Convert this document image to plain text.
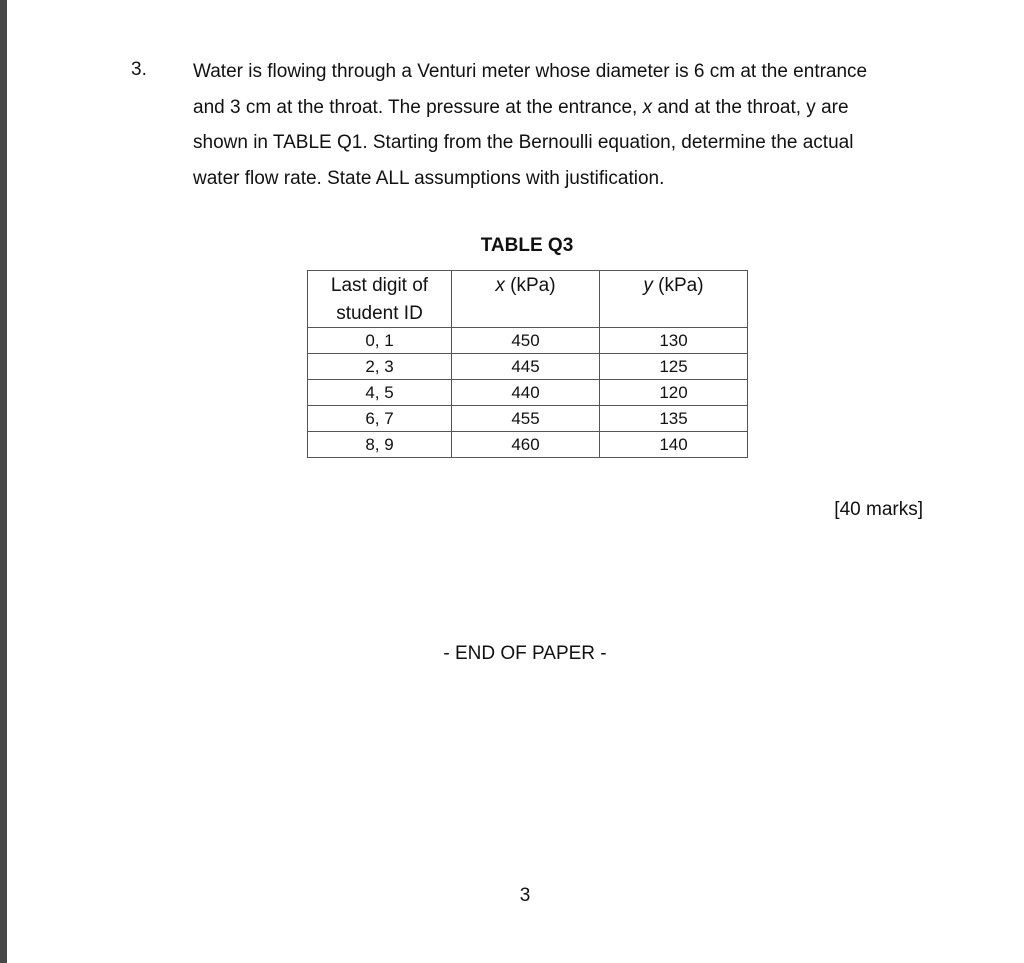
3. Water is flowing through a Venturi meter whose diameter is 6 cm at the entrance
and 3 cm at the throat. The pressure at the entrance, x and at the throat, y are
shown in TABLE Q1. Starting from the Bernoulli equation, determine the actual
water flow rate. State ALL assumptions with justification.

TABLE Q3
Last digit of
student ID	x (kPa)	y (kPa)

0, 1	450	130
2, 3	445	125
4, 5	440	120
6, 7	455	135
8, 9	460	140
[40 marks]
- END OF PAPER -
3
